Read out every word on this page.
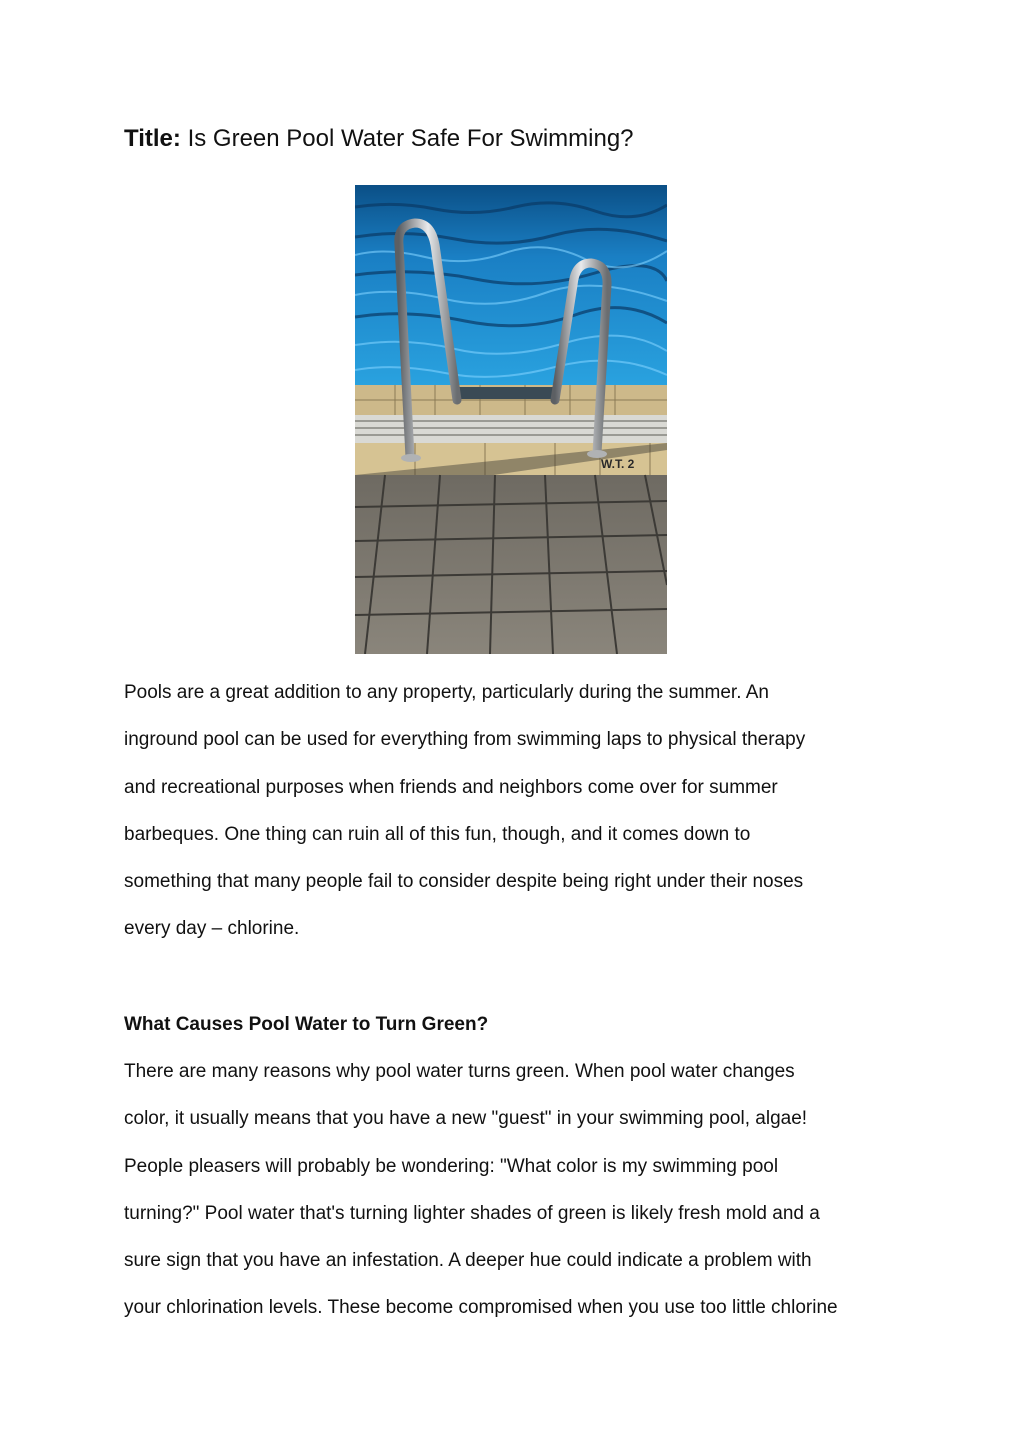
Title: Is Green Pool Water Safe For Swimming?
W.T. 2
Pools are a great addition to any property, particularly during the summer. An
inground pool can be used for everything from swimming laps to physical therapy
and recreational purposes when friends and neighbors come over for summer
barbeques. One thing can ruin all of this fun, though, and it comes down to
something that many people fail to consider despite being right under their noses
every day – chlorine.
What Causes Pool Water to Turn Green?
There are many reasons why pool water turns green. When pool water changes
color, it usually means that you have a new "guest" in your swimming pool, algae!
People pleasers will probably be wondering: "What color is my swimming pool
turning?" Pool water that's turning lighter shades of green is likely fresh mold and a
sure sign that you have an infestation. A deeper hue could indicate a problem with
your chlorination levels. These become compromised when you use too little chlorine
